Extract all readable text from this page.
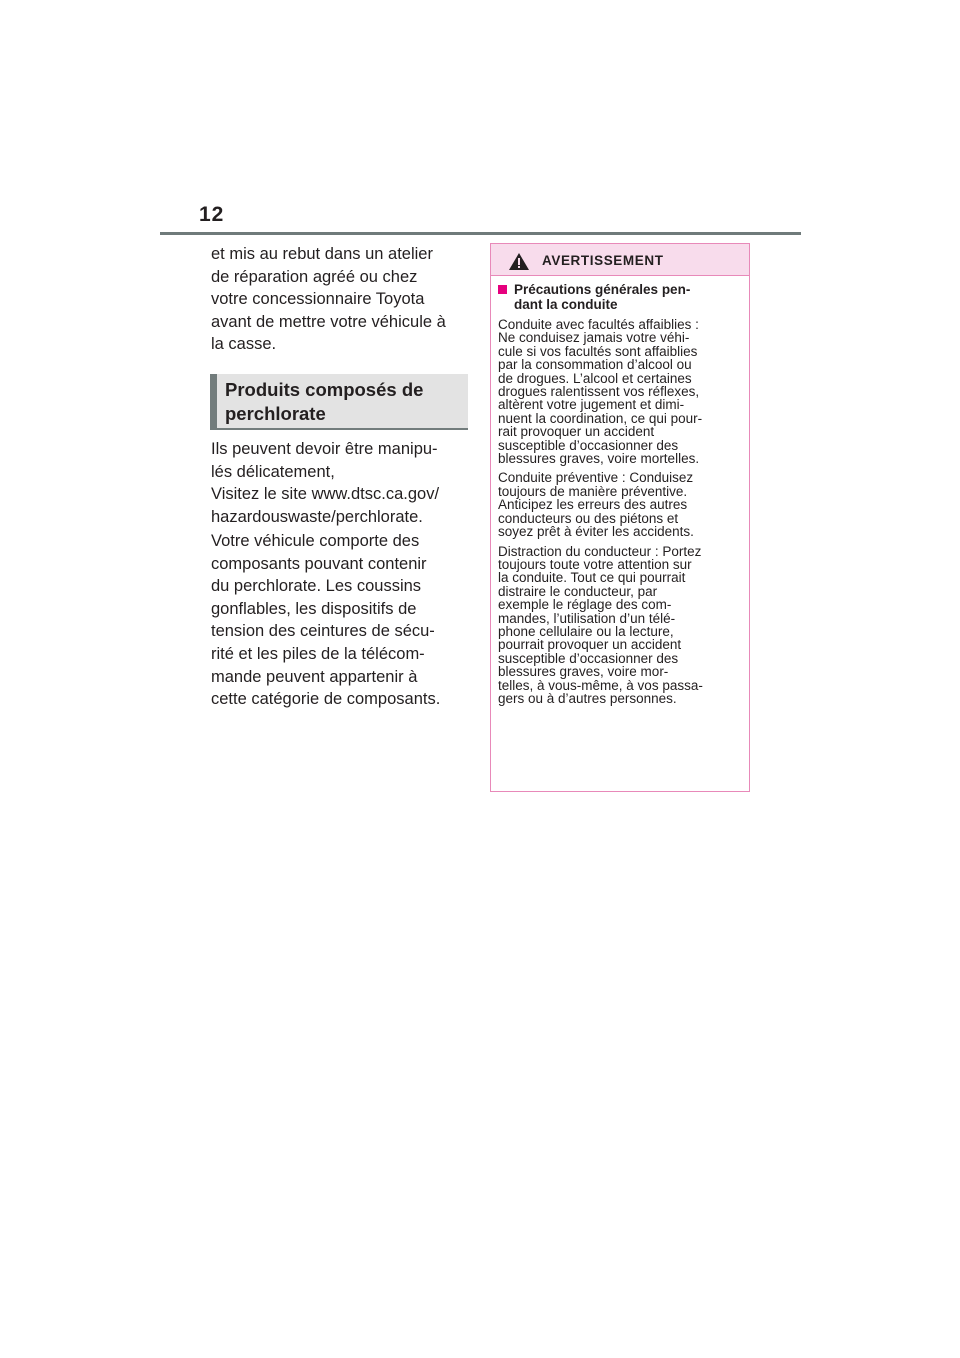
12

et mis au rebut dans un atelier
de réparation agréé ou chez
votre concessionnaire Toyota
avant de mettre votre véhicule à
la casse.

Produits composés de
perchlorate

Ils peuvent devoir être manipu-
lés délicatement,
Visitez le site www.dtsc.ca.gov/
hazardouswaste/perchlorate.

Votre véhicule comporte des
composants pouvant contenir
du perchlorate. Les coussins
gonflables, les dispositifs de
tension des ceintures de sécu-
rité et les piles de la télécom-
mande peuvent appartenir à
cette catégorie de composants.

AVERTISSEMENT
Précautions générales pen-
dant la conduite

Conduite avec facultés affaiblies :
Ne conduisez jamais votre véhi-
cule si vos facultés sont affaiblies
par la consommation d’alcool ou
de drogues. L’alcool et certaines
drogues ralentissent vos réflexes,
altèrent votre jugement et dimi-
nuent la coordination, ce qui pour-
rait provoquer un accident
susceptible d’occasionner des
blessures graves, voire mortelles.

Conduite préventive : Conduisez
toujours de manière préventive.
Anticipez les erreurs des autres
conducteurs ou des piétons et
soyez prêt à éviter les accidents.

Distraction du conducteur : Portez
toujours toute votre attention sur
la conduite. Tout ce qui pourrait
distraire le conducteur, par
exemple le réglage des com-
mandes, l’utilisation d’un télé-
phone cellulaire ou la lecture,
pourrait provoquer un accident
susceptible d’occasionner des
blessures graves, voire mor-
telles, à vous-même, à vos passa-
gers ou à d’autres personnes.
